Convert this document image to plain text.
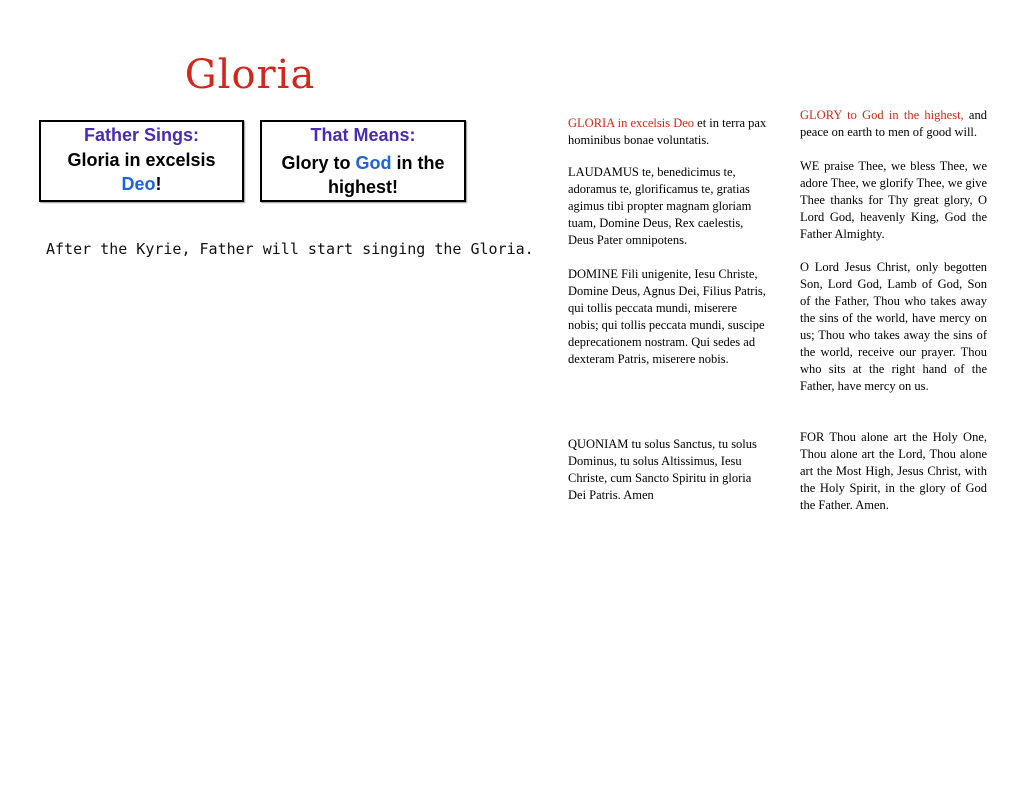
Gloria
Father Sings:
Gloria in excelsis
Deo!
That Means:
Glory to God in the
highest!
After the Kyrie, Father will start singing the Gloria.
GLORIA in excelsis Deo et in terra pax hominibus bonae voluntatis.
LAUDAMUS te, benedicimus te, adoramus te, glorificamus te, gratias agimus tibi propter magnam gloriam tuam, Domine Deus, Rex caelestis, Deus Pater omnipotens.
DOMINE Fili unigenite, Iesu Christe, Domine Deus, Agnus Dei, Filius Patris, qui tollis peccata mundi, miserere nobis; qui tollis peccata mundi, suscipe deprecationem nostram. Qui sedes ad dexteram Patris, miserere nobis.
QUONIAM tu solus Sanctus, tu solus Dominus, tu solus Altissimus, Iesu Christe, cum Sancto Spiritu in gloria Dei Patris. Amen
GLORY to God in the highest, and peace on earth to men of good will.
WE praise Thee, we bless Thee, we adore Thee, we glorify Thee, we give Thee thanks for Thy great glory, O Lord God, heavenly King, God the Father Almighty.
O Lord Jesus Christ, only begotten Son, Lord God, Lamb of God, Son of the Father, Thou who takes away the sins of the world, have mercy on us; Thou who takes away the sins of the world, receive our prayer. Thou who sits at the right hand of the Father, have mercy on us.
FOR Thou alone art the Holy One, Thou alone art the Lord, Thou alone art the Most High, Jesus Christ, with the Holy Spirit, in the glory of God the Father. Amen.
